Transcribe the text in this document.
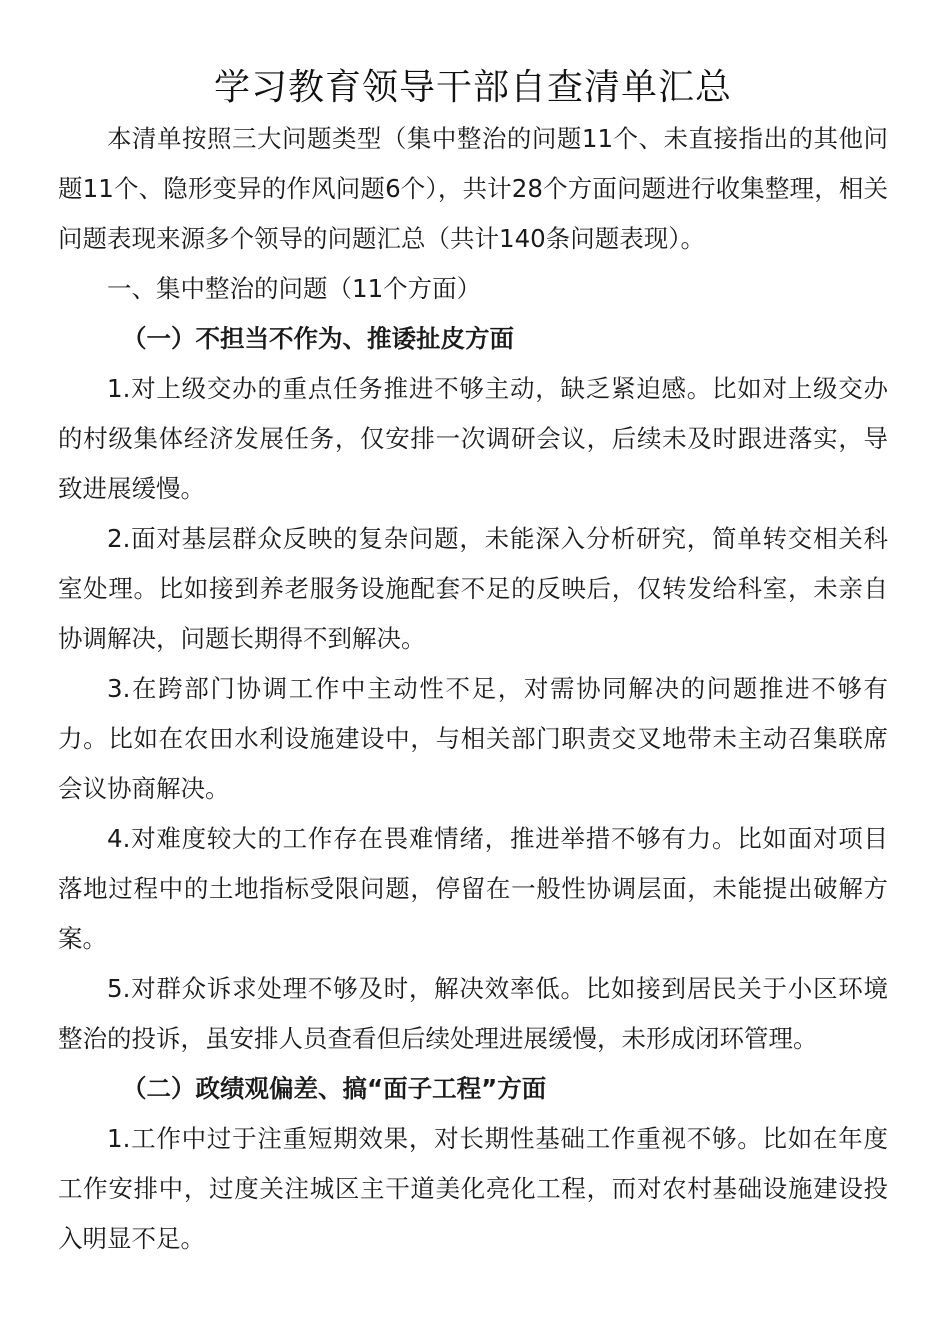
学习教育领导干部自查清单汇总

本清单按照三大问题类型（集中整治的问题11个、未直接指出的其他问题11个、隐形变异的作风问题6个），共计28个方面问题进行收集整理，相关问题表现来源多个领导的问题汇总（共计140条问题表现）。

一、集中整治的问题（11个方面）

（一）不担当不作为、推诿扯皮方面

1.对上级交办的重点任务推进不够主动，缺乏紧迫感。比如对上级交办的村级集体经济发展任务，仅安排一次调研会议，后续未及时跟进落实，导致进展缓慢。

2.面对基层群众反映的复杂问题，未能深入分析研究，简单转交相关科室处理。比如接到养老服务设施配套不足的反映后，仅转发给科室，未亲自协调解决，问题长期得不到解决。

3.在跨部门协调工作中主动性不足，对需协同解决的问题推进不够有力。比如在农田水利设施建设中，与相关部门职责交叉地带未主动召集联席会议协商解决。

4.对难度较大的工作存在畏难情绪，推进举措不够有力。比如面对项目落地过程中的土地指标受限问题，停留在一般性协调层面，未能提出破解方案。

5.对群众诉求处理不够及时，解决效率低。比如接到居民关于小区环境整治的投诉，虽安排人员查看但后续处理进展缓慢，未形成闭环管理。

（二）政绩观偏差、搞“面子工程”方面

1.工作中过于注重短期效果，对长期性基础工作重视不够。比如在年度工作安排中，过度关注城区主干道美化亮化工程，而对农村基础设施建设投入明显不足。
